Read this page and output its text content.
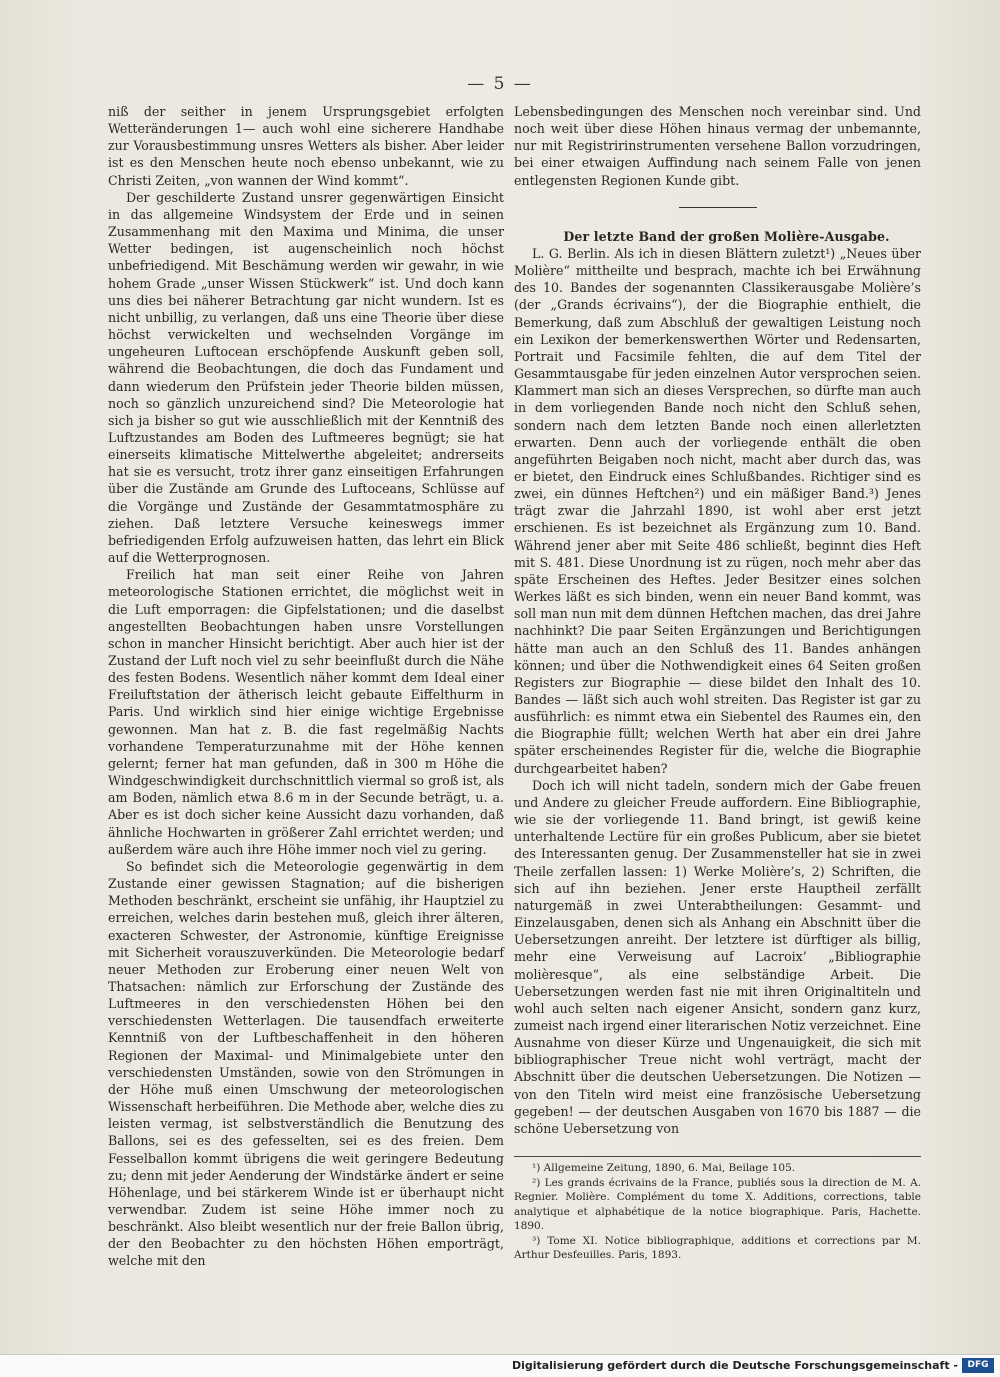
— 5 —

niß der seither in jenem Ursprungsgebiet erfolgten Wetteränderungen 1— auch wohl eine sicherere Handhabe zur Vorausbestimmung unsres Wetters als bisher. Aber leider ist es den Menschen heute noch ebenso unbekannt, wie zu Christi Zeiten, „von wannen der Wind kommt“.

Der geschilderte Zustand unsrer gegenwärtigen Einsicht in das allgemeine Windsystem der Erde und in seinen Zusammenhang mit den Maxima und Minima, die unser Wetter bedingen, ist augenscheinlich noch höchst unbefriedigend. Mit Beschämung werden wir gewahr, in wie hohem Grade „unser Wissen Stückwerk“ ist. Und doch kann uns dies bei näherer Betrachtung gar nicht wundern. Ist es nicht unbillig, zu verlangen, daß uns eine Theorie über diese höchst verwickelten und wechselnden Vorgänge im ungeheuren Luftocean erschöpfende Auskunft geben soll, während die Beobachtungen, die doch das Fundament und dann wiederum den Prüfstein jeder Theorie bilden müssen, noch so gänzlich unzureichend sind? Die Meteorologie hat sich ja bisher so gut wie ausschließlich mit der Kenntniß des Luftzustandes am Boden des Luftmeeres begnügt; sie hat einerseits klimatische Mittelwerthe abgeleitet; andrerseits hat sie es versucht, trotz ihrer ganz einseitigen Erfahrungen über die Zustände am Grunde des Luftoceans, Schlüsse auf die Vorgänge und Zustände der Gesammtatmosphäre zu ziehen. Daß letztere Versuche keineswegs immer befriedigenden Erfolg aufzuweisen hatten, das lehrt ein Blick auf die Wetterprognosen.

Freilich hat man seit einer Reihe von Jahren meteorologische Stationen errichtet, die möglichst weit in die Luft emporragen: die Gipfelstationen; und die daselbst angestellten Beobachtungen haben unsre Vorstellungen schon in mancher Hinsicht berichtigt. Aber auch hier ist der Zustand der Luft noch viel zu sehr beeinflußt durch die Nähe des festen Bodens. Wesentlich näher kommt dem Ideal einer Freiluftstation der ätherisch leicht gebaute Eiffelthurm in Paris. Und wirklich sind hier einige wichtige Ergebnisse gewonnen. Man hat z. B. die fast regelmäßig Nachts vorhandene Temperaturzunahme mit der Höhe kennen gelernt; ferner hat man gefunden, daß in 300 m Höhe die Windgeschwindigkeit durchschnittlich viermal so groß ist, als am Boden, nämlich etwa 8.6 m in der Secunde beträgt, u. a. Aber es ist doch sicher keine Aussicht dazu vorhanden, daß ähnliche Hochwarten in größerer Zahl errichtet werden; und außerdem wäre auch ihre Höhe immer noch viel zu gering.

So befindet sich die Meteorologie gegenwärtig in dem Zustande einer gewissen Stagnation; auf die bisherigen Methoden beschränkt, erscheint sie unfähig, ihr Hauptziel zu erreichen, welches darin bestehen muß, gleich ihrer älteren, exacteren Schwester, der Astronomie, künftige Ereignisse mit Sicherheit vorauszuverkünden. Die Meteorologie bedarf neuer Methoden zur Eroberung einer neuen Welt von Thatsachen: nämlich zur Erforschung der Zustände des Luftmeeres in den verschiedensten Höhen bei den verschiedensten Wetterlagen. Die tausendfach erweiterte Kenntniß von der Luftbeschaffenheit in den höheren Regionen der Maximal- und Minimalgebiete unter den verschiedensten Umständen, sowie von den Strömungen in der Höhe muß einen Umschwung der meteorologischen Wissenschaft herbeiführen. Die Methode aber, welche dies zu leisten vermag, ist selbstverständlich die Benutzung des Ballons, sei es des gefesselten, sei es des freien. Dem Fesselballon kommt übrigens die weit geringere Bedeutung zu; denn mit jeder Aenderung der Windstärke ändert er seine Höhenlage, und bei stärkerem Winde ist er überhaupt nicht verwendbar. Zudem ist seine Höhe immer noch zu beschränkt. Also bleibt wesentlich nur der freie Ballon übrig, der den Beobachter zu den höchsten Höhen emporträgt, welche mit den

Lebensbedingungen des Menschen noch vereinbar sind. Und noch weit über diese Höhen hinaus vermag der unbemannte, nur mit Registririnstrumenten versehene Ballon vorzudringen, bei einer etwaigen Auffindung nach seinem Falle von jenen entlegensten Regionen Kunde gibt.

Der letzte Band der großen Molière-Ausgabe.

L. G. Berlin. Als ich in diesen Blättern zuletzt¹) „Neues über Molière“ mittheilte und besprach, machte ich bei Erwähnung des 10. Bandes der sogenannten Classikerausgabe Molière’s (der „Grands écrivains“), der die Biographie enthielt, die Bemerkung, daß zum Abschluß der gewaltigen Leistung noch ein Lexikon der bemerkenswerthen Wörter und Redensarten, Portrait und Facsimile fehlten, die auf dem Titel der Gesammtausgabe für jeden einzelnen Autor versprochen seien. Klammert man sich an dieses Versprechen, so dürfte man auch in dem vorliegenden Bande noch nicht den Schluß sehen, sondern nach dem letzten Bande noch einen allerletzten erwarten. Denn auch der vorliegende enthält die oben angeführten Beigaben noch nicht, macht aber durch das, was er bietet, den Eindruck eines Schlußbandes. Richtiger sind es zwei, ein dünnes Heftchen²) und ein mäßiger Band.³) Jenes trägt zwar die Jahrzahl 1890, ist wohl aber erst jetzt erschienen. Es ist bezeichnet als Ergänzung zum 10. Band. Während jener aber mit Seite 486 schließt, beginnt dies Heft mit S. 481. Diese Unordnung ist zu rügen, noch mehr aber das späte Erscheinen des Heftes. Jeder Besitzer eines solchen Werkes läßt es sich binden, wenn ein neuer Band kommt, was soll man nun mit dem dünnen Heftchen machen, das drei Jahre nachhinkt? Die paar Seiten Ergänzungen und Berichtigungen hätte man auch an den Schluß des 11. Bandes anhängen können; und über die Nothwendigkeit eines 64 Seiten großen Registers zur Biographie — diese bildet den Inhalt des 10. Bandes — läßt sich auch wohl streiten. Das Register ist gar zu ausführlich: es nimmt etwa ein Siebentel des Raumes ein, den die Biographie füllt; welchen Werth hat aber ein drei Jahre später erscheinendes Register für die, welche die Biographie durchgearbeitet haben?

Doch ich will nicht tadeln, sondern mich der Gabe freuen und Andere zu gleicher Freude auffordern. Eine Bibliographie, wie sie der vorliegende 11. Band bringt, ist gewiß keine unterhaltende Lectüre für ein großes Publicum, aber sie bietet des Interessanten genug. Der Zusammensteller hat sie in zwei Theile zerfallen lassen: 1) Werke Molière’s, 2) Schriften, die sich auf ihn beziehen. Jener erste Hauptheil zerfällt naturgemäß in zwei Unterabtheilungen: Gesammt- und Einzelausgaben, denen sich als Anhang ein Abschnitt über die Uebersetzungen anreiht. Der letztere ist dürftiger als billig, mehr eine Verweisung auf Lacroix’ „Bibliographie molièresque“, als eine selbständige Arbeit. Die Uebersetzungen werden fast nie mit ihren Originaltiteln und wohl auch selten nach eigener Ansicht, sondern ganz kurz, zumeist nach irgend einer literarischen Notiz verzeichnet. Eine Ausnahme von dieser Kürze und Ungenauigkeit, die sich mit bibliographischer Treue nicht wohl verträgt, macht der Abschnitt über die deutschen Uebersetzungen. Die Notizen — von den Titeln wird meist eine französische Uebersetzung gegeben! — der deutschen Ausgaben von 1670 bis 1887 — die schöne Uebersetzung von

¹) Allgemeine Zeitung, 1890, 6. Mai, Beilage 105.

²) Les grands écrivains de la France, publiés sous la direction de M. A. Regnier. Molière. Complément du tome X. Additions, corrections, table analytique et alphabétique de la notice biographique. Paris, Hachette. 1890.

³) Tome XI. Notice bibliographique, additions et corrections par M. Arthur Desfeuilles. Paris, 1893.

Digitalisierung gefördert durch die Deutsche Forschungsgemeinschaft -	DFG
